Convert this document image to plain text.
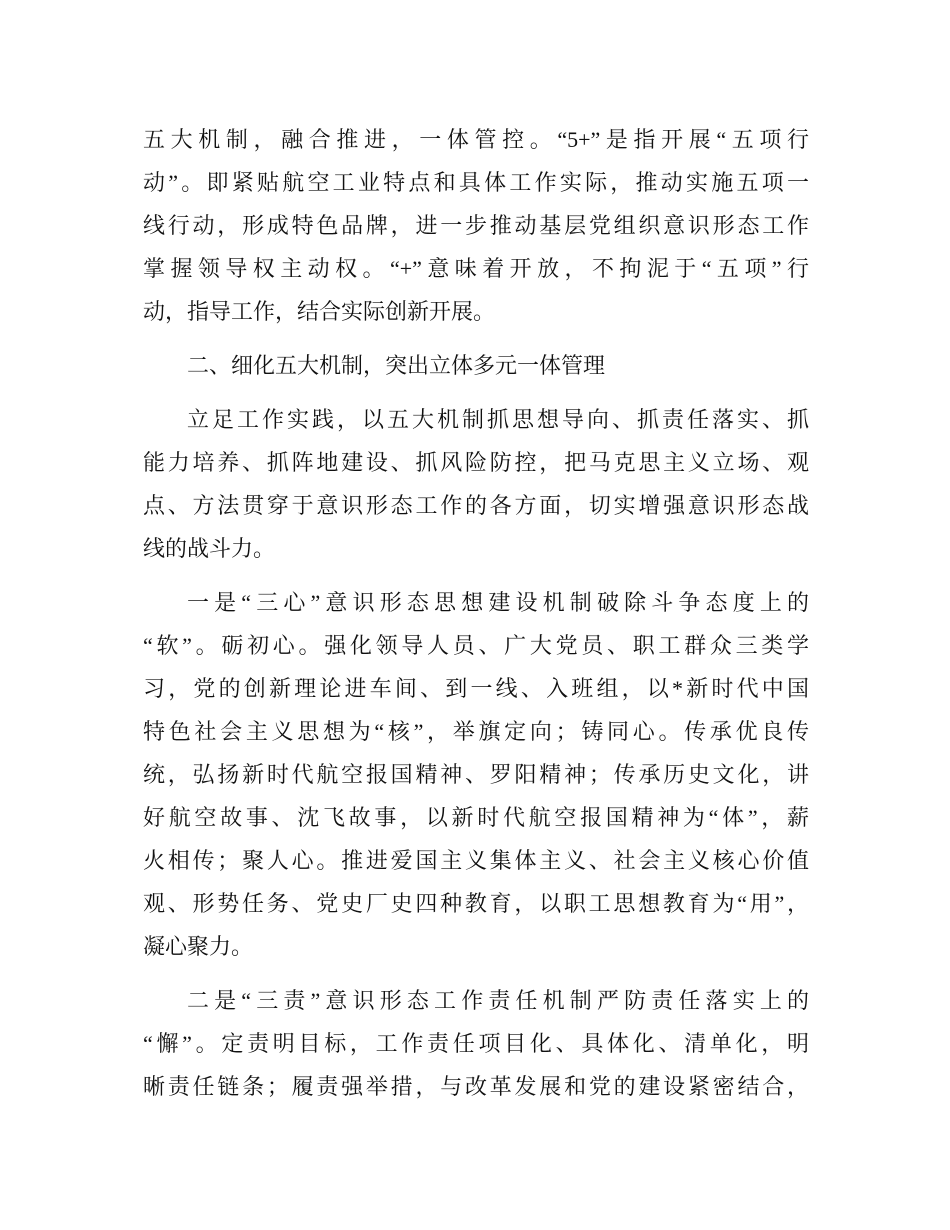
五大机制，融合推进，一体管控。“5+”是指开展“五项行
动”。即紧贴航空工业特点和具体工作实际，推动实施五项一
线行动，形成特色品牌，进一步推动基层党组织意识形态工作
掌握领导权主动权。“+”意味着开放，不拘泥于“五项”行
动，指导工作，结合实际创新开展。
二、细化五大机制，突出立体多元一体管理
立足工作实践，以五大机制抓思想导向、抓责任落实、抓
能力培养、抓阵地建设、抓风险防控，把马克思主义立场、观
点、方法贯穿于意识形态工作的各方面，切实增强意识形态战
线的战斗力。
一是“三心”意识形态思想建设机制破除斗争态度上的
“软”。砺初心。强化领导人员、广大党员、职工群众三类学
习，党的创新理论进车间、到一线、入班组，以*新时代中国
特色社会主义思想为“核”，举旗定向；铸同心。传承优良传
统，弘扬新时代航空报国精神、罗阳精神；传承历史文化，讲
好航空故事、沈飞故事，以新时代航空报国精神为“体”，薪
火相传；聚人心。推进爱国主义集体主义、社会主义核心价值
观、形势任务、党史厂史四种教育，以职工思想教育为“用”，
凝心聚力。
二是“三责”意识形态工作责任机制严防责任落实上的
“懈”。定责明目标，工作责任项目化、具体化、清单化，明
晰责任链条；履责强举措，与改革发展和党的建设紧密结合，
